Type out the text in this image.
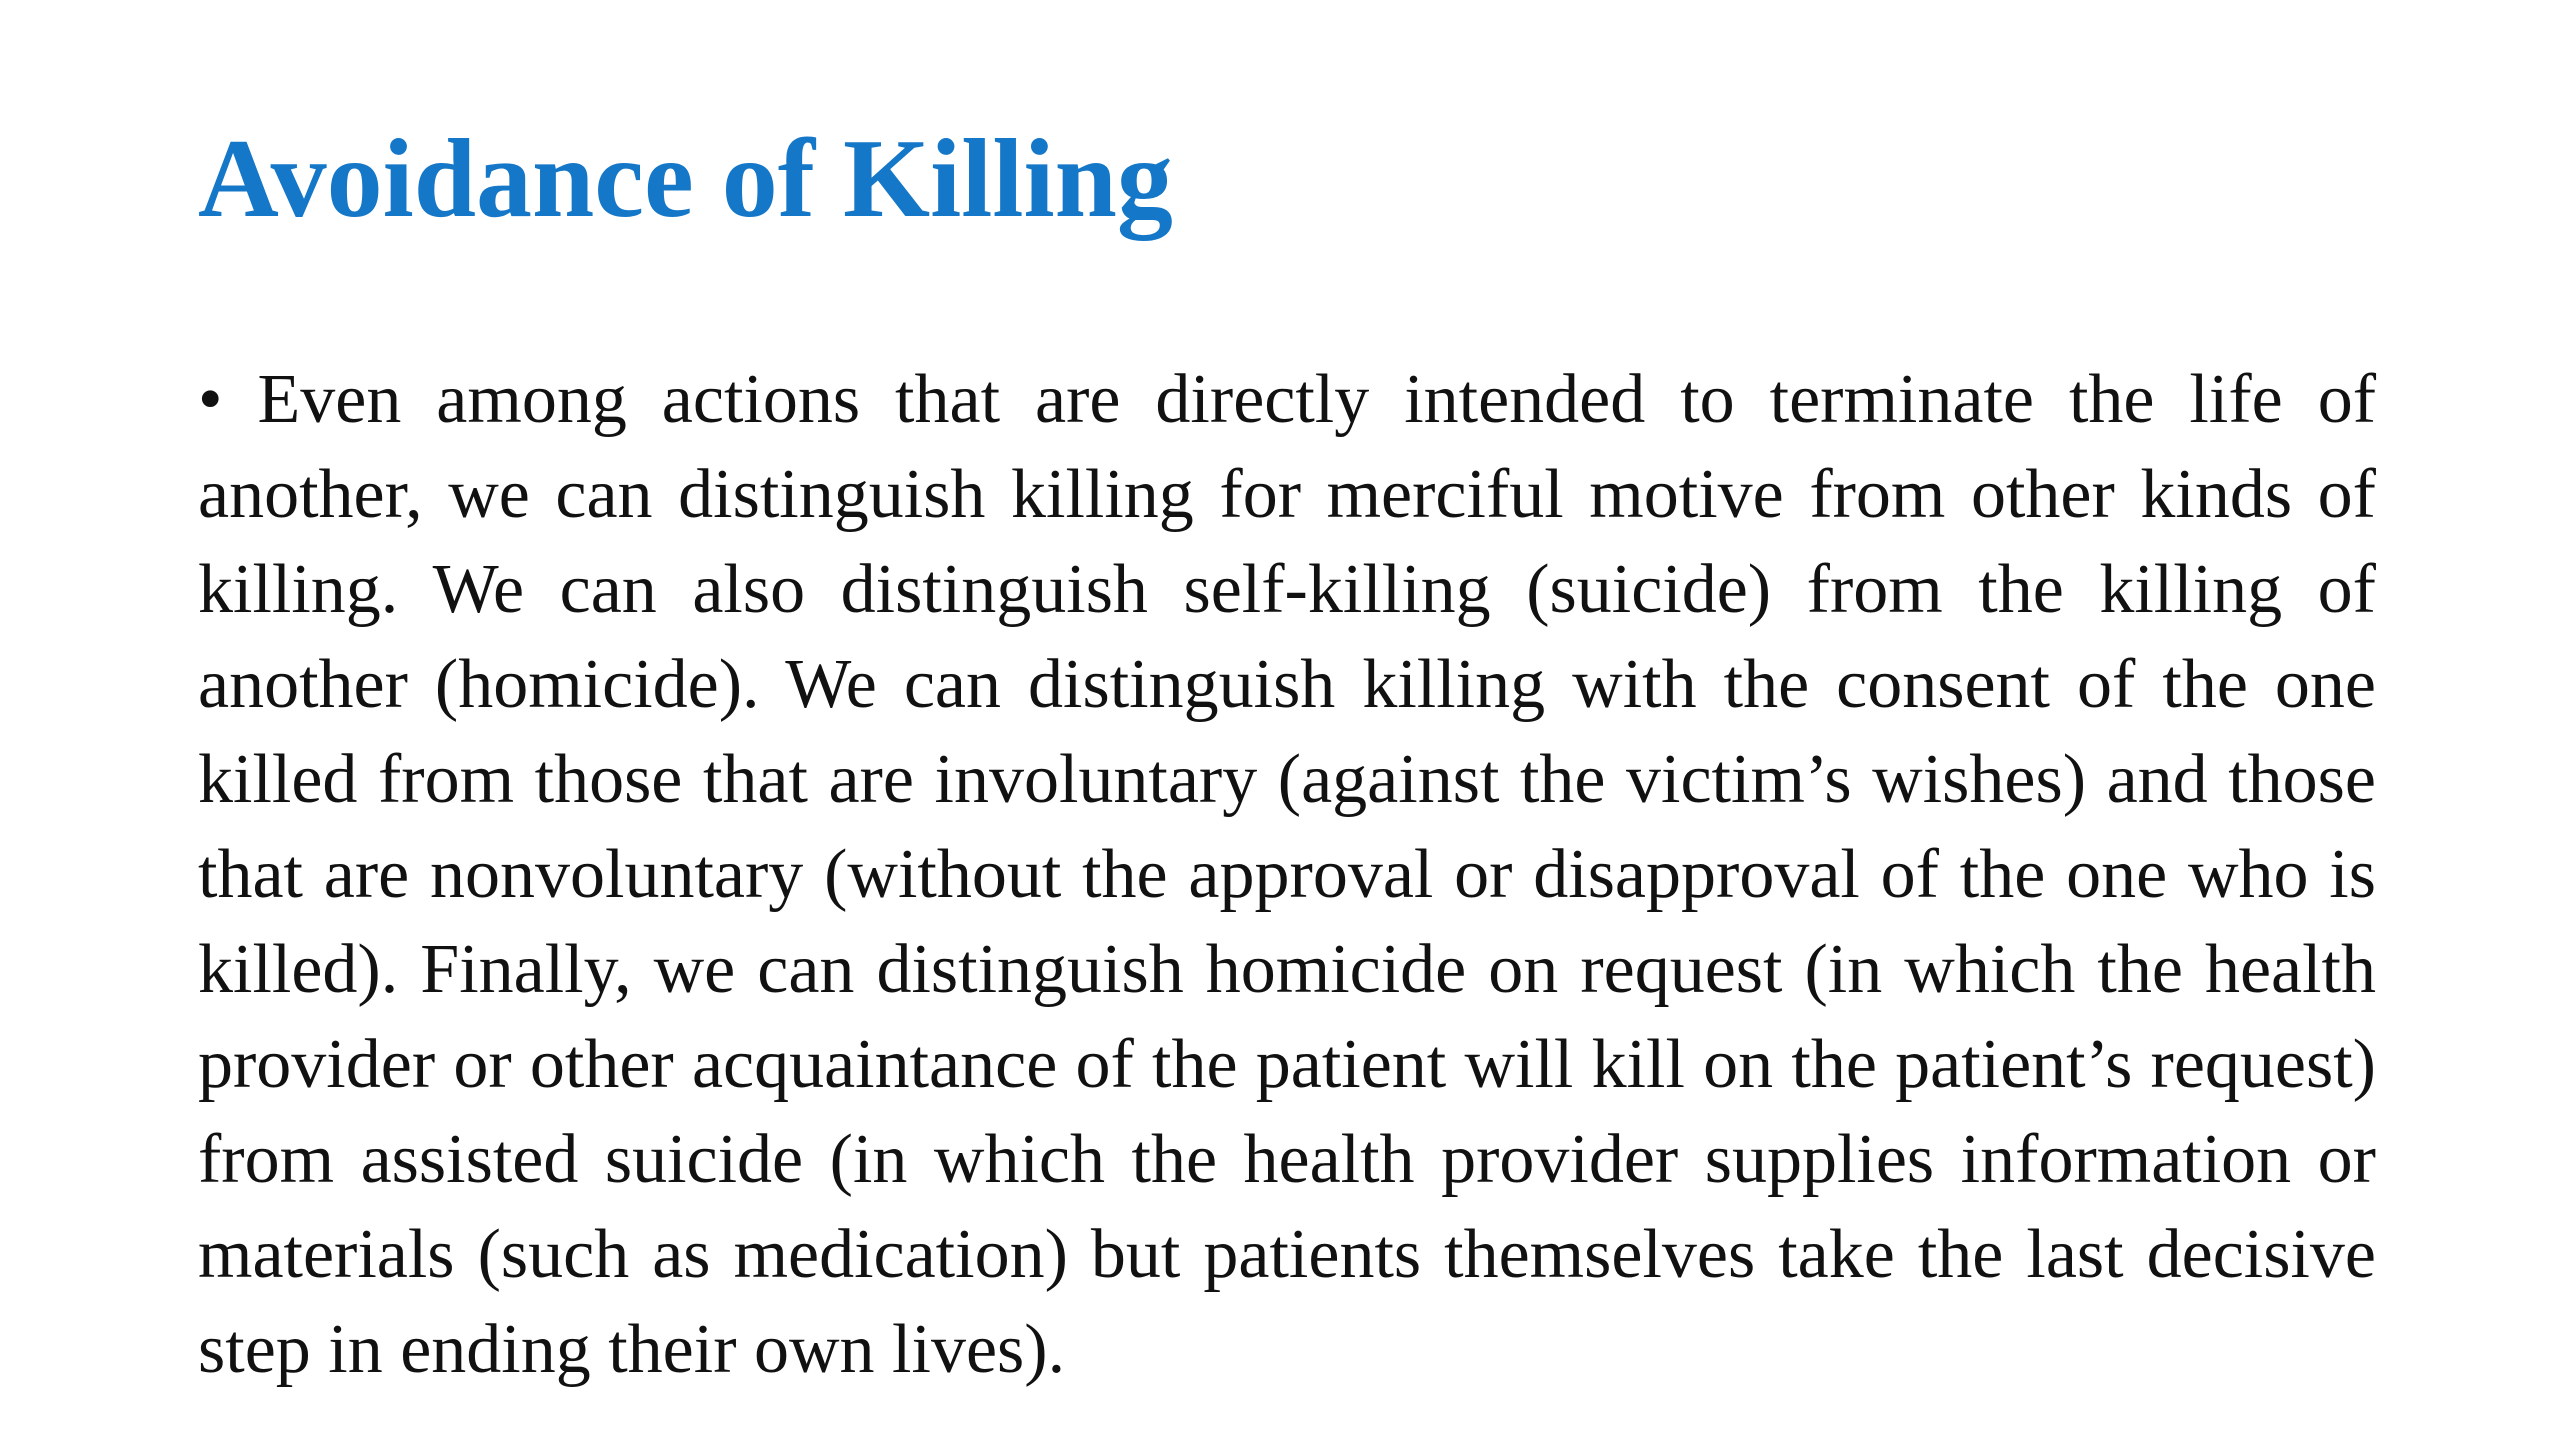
Avoidance of Killing

• Even among actions that are directly intended to terminate the life of another, we can distinguish killing for merciful motive from other kinds of killing. We can also distinguish self-killing (suicide) from the killing of another (homicide). We can distinguish killing with the consent of the one killed from those that are involuntary (against the victim’s wishes) and those that are nonvoluntary (without the approval or disapproval of the one who is killed). Finally, we can distinguish homicide on request (in which the health provider or other acquaintance of the patient will kill on the patient’s request) from assisted suicide (in which the health provider supplies information or materials (such as medication) but patients themselves take the last decisive step in ending their own lives).
